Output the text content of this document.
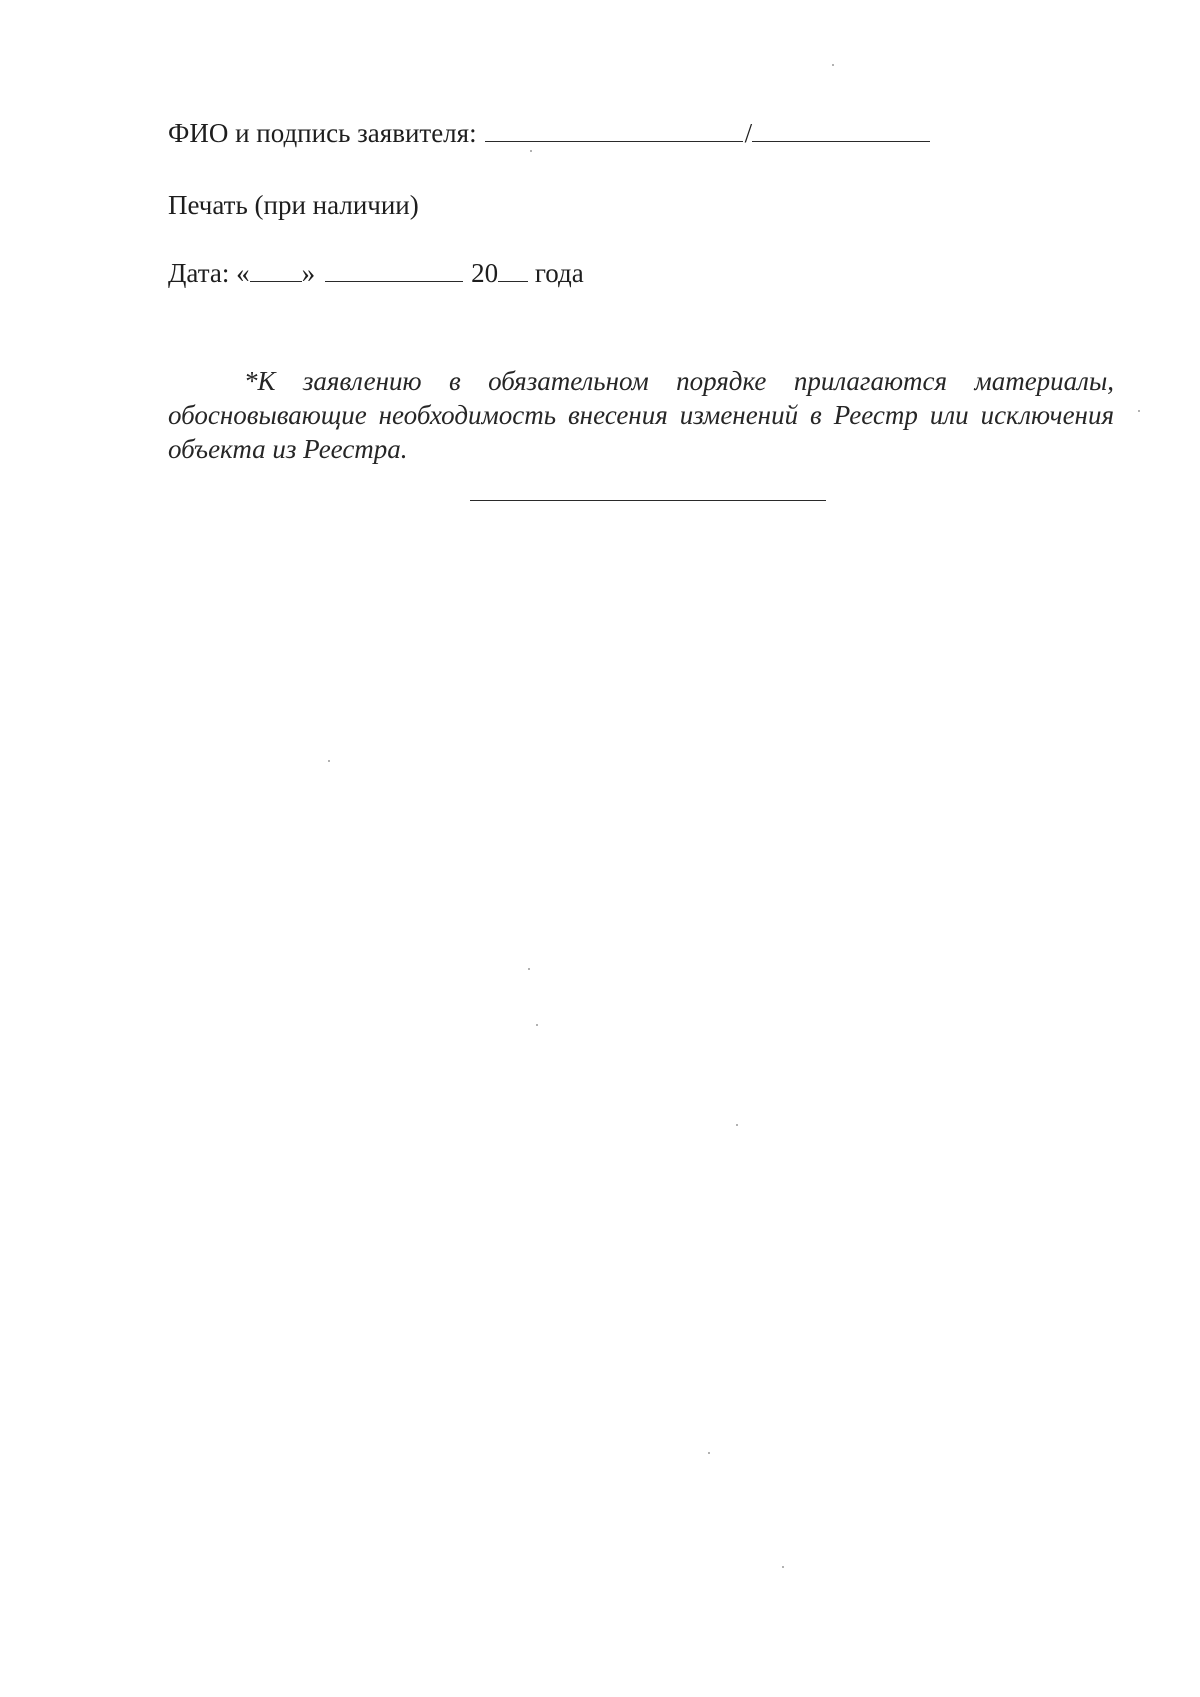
ФИО и подпись заявителя:	/
Печать (при наличии)
Дата: « »	20 года

*К заявлению в обязательном порядке прилагаются материалы, обосновывающие необходимость внесения изменений в Реестр или исключения объекта из Реестра.
